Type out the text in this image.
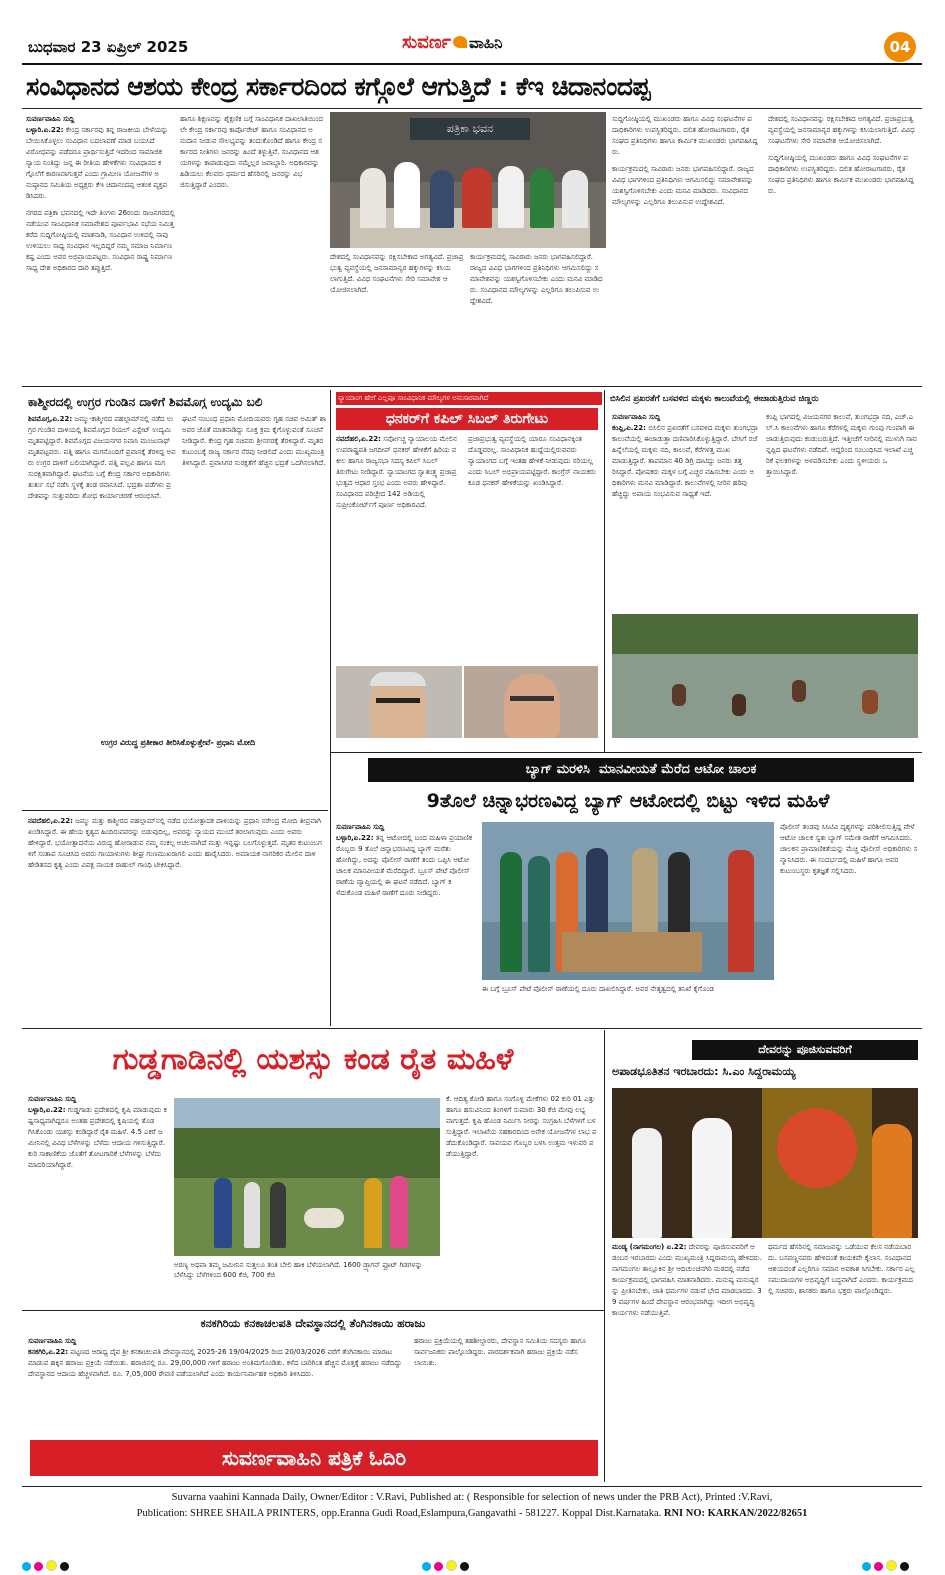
ಬುಧವಾರ 23 ಏಪ್ರಿಲ್ 2025	ಸುವರ್ಣ ವಾಹಿನಿ	04
ಸಂವಿಧಾನದ ಆಶಯ ಕೇಂದ್ರ ಸರ್ಕಾರದಿಂದ ಕಗ್ಗೊಲೆ ಆಗುತ್ತಿದೆ : ಕೆಇ ಚಿದಾನಂದಪ್ಪ
ಸುವರ್ಣವಾಹಿನಿ ಸುದ್ದಿ
ಬಳ್ಳಾರಿ.ಏ.22: ಕೇಂದ್ರ ಸರ್ಕಾರವು ತನ್ನ ರಾಜಕೀಯ ಬೇಳೆಯನ್ನು ಬೇಯಿಸಿಕೊಳ್ಳಲು ಸಂವಿಧಾನ ಬದಲಾವಣೆ ಮಾಡ ಬಯಸಿದೆ ವಿರೋಧವನ್ನು ಪಡೆದರೂ ಪ್ರಾರ್ಥಿಸುತ್ತಿದೆ ಇದರಿಂದ ಸಾಮಾಜಿಕ ನ್ಯಾಯ ನಿಂತಿದ್ದು ಜನ್ನ ಈ ರೀತಿಯ ಹೇಳಿಕೆಗಳು ಸಂವಿಧಾನದ ಕಗ್ಗೊಲೆಗೆ ಕಾರಣವಾಗುತ್ತವೆ ಎಂದು ಗ್ರಾಮೀಣ ಯೋಜನೆಗಳ ಅನುಷ್ಠಾನದ ಸಮಿತಿಯ ಅಧ್ಯಕ್ಷರು ಕೆಇ ಚಿದಾನಂದಪ್ಪ ಆತಂಕ ವ್ಯಕ್ತಪಡಿಸಿದರು.
ನಗರದ ಪತ್ರಿಕಾ ಭವನದಲ್ಲಿ ಇದೇ ತಿಂಗಳು 26ರಂದು ರಾಜನಗರದಲ್ಲಿ ನಡೆಯುವ ಸಾಂವಿಧಾನಿಕ ಸಮಾವೇಶದ ಪೂರ್ವಭಾವಿ ಸಭೆಯ ನಿಮಿತ್ತ ಕರೆದ ಸುದ್ದಿಗೋಷ್ಠಿಯಲ್ಲಿ ಮಾತನಾಡಿ, ಸಂವಿಧಾನ ಉಳಿದಲ್ಲಿ ನಾವು ಉಳಿಯಲು ಸಾಧ್ಯ ಸಂವಿಧಾನ ಇಲ್ಲದಿದ್ದರೆ ನಮ್ಮ ಸಮಾಜ ನಿರ್ಮಾಣ ಕಷ್ಟ ಎಂದು ಅವರ ಅಭಿಪ್ರಾಯಪಟ್ಟರು. ಸಂವಿಧಾನ ರಾಷ್ಟ್ರ ನಿರ್ಮಾಣ ಸಾಧ್ಯ ದೇಶ ಅಧಿಕಾರದ ದಾರಿ ತಪ್ಪುತ್ತಿದೆ.
ಹಾಗೂ ಶಿಕ್ಷಣವನ್ನು ಶೈಕ್ಷಣಿಕ ಬಗ್ಗೆ ಸಾಂವಿಧಾನಿಕ ದಾಖಲಾತಿಯಿಂದಲೇ ಕೇಂದ್ರ ಸರ್ಕಾರವು ಕಾರ್ಪೊರೇಟ್ ಹಾಗೂ ಸಂವಿಧಾನದ ಅನುದಾನ ನೀಡುವ ಸೌಲಭ್ಯವನ್ನು ತಂದುಕೊಂಡಿದೆ ಹಾಗೂ ಕೇಂದ್ರ ಸರ್ಕಾರದ ನೀತಿಗಳು ಜನರನ್ನು ಹಿಂದೆ ತಳ್ಳುತ್ತಿವೆ. ಸಂವಿಧಾನದ ಆಶಯಗಳನ್ನು ಕಾಪಾಡುವುದು ನಮ್ಮೆಲ್ಲರ ಜವಾಬ್ದಾರಿ. ಅಧಿಕಾರವನ್ನು ಹಿಡಿಯಲು ಕೆಲವರು ಧರ್ಮದ ಹೆಸರಿನಲ್ಲಿ ಜನರನ್ನು ವಿಭಜಿಸುತ್ತಿದ್ದಾರೆ ಎಂದರು.
ಪತ್ರಿಕಾ ಭವನ
ದೇಶದಲ್ಲಿ ಸಂವಿಧಾನವನ್ನು ರಕ್ಷಿಸಬೇಕಾದ ಅಗತ್ಯವಿದೆ. ಪ್ರಜಾಪ್ರಭುತ್ವ ವ್ಯವಸ್ಥೆಯಲ್ಲಿ ಜನಸಾಮಾನ್ಯರ ಹಕ್ಕುಗಳನ್ನು ಕಸಿಯಲಾಗುತ್ತಿದೆ. ವಿವಿಧ ಸಂಘಟನೆಗಳು ಸೇರಿ ಸಮಾವೇಶ ಆಯೋಜಿಸಲಾಗಿದೆ.
ಕಾರ್ಯಕ್ರಮದಲ್ಲಿ ಸಾವಿರಾರು ಜನರು ಭಾಗವಹಿಸಲಿದ್ದಾರೆ. ರಾಜ್ಯದ ವಿವಿಧ ಭಾಗಗಳಿಂದ ಪ್ರತಿನಿಧಿಗಳು ಆಗಮಿಸಲಿದ್ದು ಸಮಾವೇಶವನ್ನು ಯಶಸ್ವಿಗೊಳಿಸಬೇಕು ಎಂದು ಮನವಿ ಮಾಡಿದರು. ಸಂವಿಧಾನದ ಮೌಲ್ಯಗಳನ್ನು ಎಲ್ಲರಿಗೂ ತಲುಪಿಸುವ ಉದ್ದೇಶವಿದೆ.
ಸುದ್ದಿಗೋಷ್ಠಿಯಲ್ಲಿ ಮುಖಂಡರು ಹಾಗೂ ವಿವಿಧ ಸಂಘಟನೆಗಳ ಪದಾಧಿಕಾರಿಗಳು ಉಪಸ್ಥಿತರಿದ್ದರು. ದಲಿತ ಹೋರಾಟಗಾರರು, ರೈತ ಸಂಘದ ಪ್ರತಿನಿಧಿಗಳು ಹಾಗೂ ಕಾರ್ಮಿಕ ಮುಖಂಡರು ಭಾಗವಹಿಸಿದ್ದರು.
ಕಾರ್ಯಕ್ರಮದಲ್ಲಿ ಸಾವಿರಾರು ಜನರು ಭಾಗವಹಿಸಲಿದ್ದಾರೆ. ರಾಜ್ಯದ ವಿವಿಧ ಭಾಗಗಳಿಂದ ಪ್ರತಿನಿಧಿಗಳು ಆಗಮಿಸಲಿದ್ದು ಸಮಾವೇಶವನ್ನು ಯಶಸ್ವಿಗೊಳಿಸಬೇಕು ಎಂದು ಮನವಿ ಮಾಡಿದರು. ಸಂವಿಧಾನದ ಮೌಲ್ಯಗಳನ್ನು ಎಲ್ಲರಿಗೂ ತಲುಪಿಸುವ ಉದ್ದೇಶವಿದೆ.
ದೇಶದಲ್ಲಿ ಸಂವಿಧಾನವನ್ನು ರಕ್ಷಿಸಬೇಕಾದ ಅಗತ್ಯವಿದೆ. ಪ್ರಜಾಪ್ರಭುತ್ವ ವ್ಯವಸ್ಥೆಯಲ್ಲಿ ಜನಸಾಮಾನ್ಯರ ಹಕ್ಕುಗಳನ್ನು ಕಸಿಯಲಾಗುತ್ತಿದೆ. ವಿವಿಧ ಸಂಘಟನೆಗಳು ಸೇರಿ ಸಮಾವೇಶ ಆಯೋಜಿಸಲಾಗಿದೆ.
ಸುದ್ದಿಗೋಷ್ಠಿಯಲ್ಲಿ ಮುಖಂಡರು ಹಾಗೂ ವಿವಿಧ ಸಂಘಟನೆಗಳ ಪದಾಧಿಕಾರಿಗಳು ಉಪಸ್ಥಿತರಿದ್ದರು. ದಲಿತ ಹೋರಾಟಗಾರರು, ರೈತ ಸಂಘದ ಪ್ರತಿನಿಧಿಗಳು ಹಾಗೂ ಕಾರ್ಮಿಕ ಮುಖಂಡರು ಭಾಗವಹಿಸಿದ್ದರು.
ಕಾಶ್ಮೀರದಲ್ಲಿ ಉಗ್ರರ ಗುಂಡಿನ ದಾಳಿಗೆ ಶಿವಮೊಗ್ಗ ಉದ್ಯಮಿ ಬಲಿ
ಶಿವಮೊಗ್ಗ,ಏ.22: ಜಮ್ಮು-ಕಾಶ್ಮೀರದ ಪಹಲ್ಗಾಮ್‌ನಲ್ಲಿ ನಡೆದ ಉಗ್ರರ ಗುಂಡಿನ ದಾಳಿಯಲ್ಲಿ ಶಿವಮೊಗ್ಗದ ರಿಯಲ್ ಎಸ್ಟೇಟ್ ಉದ್ಯಮಿ ಮೃತಪಟ್ಟಿದ್ದಾರೆ. ಶಿವಮೊಗ್ಗದ ವಿಜಯನಗರ ನಿವಾಸಿ ಮಂಜುನಾಥ್ ಮೃತಪಟ್ಟವರು. ಪತ್ನಿ ಹಾಗೂ ಮಗನೊಂದಿಗೆ ಪ್ರವಾಸಕ್ಕೆ ತೆರಳಿದ್ದ ಅವರು ಉಗ್ರರ ದಾಳಿಗೆ ಬಲಿಯಾಗಿದ್ದಾರೆ. ಪತ್ನಿ ಪಲ್ಲವಿ ಹಾಗೂ ಮಗ ಸುರಕ್ಷಿತವಾಗಿದ್ದಾರೆ. ಘಟನೆಯ ಬಗ್ಗೆ ಕೇಂದ್ರ ಸರ್ಕಾರ ಅಧಿಕಾರಿಗಳು ತುರ್ತು ಸಭೆ ನಡೆಸಿ ಸ್ಥಳಕ್ಕೆ ತಂಡ ರವಾನಿಸಿದೆ. ಭದ್ರತಾ ಪಡೆಗಳು ಪ್ರದೇಶವನ್ನು ಸುತ್ತುವರಿದು ಶೋಧ ಕಾರ್ಯಾಚರಣೆ ಆರಂಭಿಸಿವೆ.
ಘಟನೆ ಸಂಬಂಧ ಪ್ರಧಾನಿ ಮೋದಿಯವರು ಗೃಹ ಸಚಿವ ಅಮಿತ್ ಶಾ ಅವರ ಜೊತೆ ಮಾತನಾಡಿದ್ದು ಸೂಕ್ತ ಕ್ರಮ ಕೈಗೊಳ್ಳುವಂತೆ ಸೂಚನೆ ನೀಡಿದ್ದಾರೆ. ಕೇಂದ್ರ ಗೃಹ ಸಚಿವರು ಶ್ರೀನಗರಕ್ಕೆ ತೆರಳಿದ್ದಾರೆ. ಮೃತರ ಕುಟುಂಬಕ್ಕೆ ರಾಜ್ಯ ಸರ್ಕಾರ ನೆರವು ನೀಡಲಿದೆ ಎಂದು ಮುಖ್ಯಮಂತ್ರಿ ತಿಳಿಸಿದ್ದಾರೆ. ಪ್ರವಾಸಿಗರ ಸುರಕ್ಷತೆಗೆ ಹೆಚ್ಚಿನ ಭದ್ರತೆ ಒದಗಿಸಲಾಗಿದೆ.
ಉಗ್ರರ ವಿರುದ್ಧ ಪ್ರತೀಕಾರ ತೀರಿಸಿಕೊಳ್ಳುತ್ತೇವೆ- ಪ್ರಧಾನಿ ಮೋದಿ
ನವದೆಹಲಿ,ಏ.22: ಜಮ್ಮು ಮತ್ತು ಕಾಶ್ಮೀರದ ಪಹಲ್ಗಾಮ್‌ನಲ್ಲಿ ನಡೆದ ಭಯೋತ್ಪಾದಕ ದಾಳಿಯನ್ನು ಪ್ರಧಾನಿ ನರೇಂದ್ರ ಮೋದಿ ತೀವ್ರವಾಗಿ ಖಂಡಿಸಿದ್ದಾರೆ. ಈ ಹೇಯ ಕೃತ್ಯದ ಹಿಂದಿರುವವರನ್ನು ಬಿಡುವುದಿಲ್ಲ, ಅವರನ್ನು ನ್ಯಾಯದ ಮುಂದೆ ತರಲಾಗುವುದು ಎಂದು ಅವರು ಹೇಳಿದ್ದಾರೆ. ಭಯೋತ್ಪಾದನೆಯ ವಿರುದ್ಧ ಹೋರಾಡುವ ನಮ್ಮ ಸಂಕಲ್ಪ ಅಚಲವಾಗಿದೆ ಮತ್ತು ಇನ್ನಷ್ಟು ಬಲಗೊಳ್ಳುತ್ತದೆ. ಮೃತರ ಕುಟುಂಬಗಳಿಗೆ ಸಂತಾಪ ಸೂಚಿಸಿದ ಅವರು ಗಾಯಾಳುಗಳು ಶೀಘ್ರ ಗುಣಮುಖರಾಗಲಿ ಎಂದು ಹಾರೈಸಿದರು. ಅಮಾಯಕ ನಾಗರಿಕರ ಮೇಲಿನ ದಾಳಿ ಹೇಡಿತನದ ಕೃತ್ಯ ಎಂದು ವಿಪಕ್ಷ ನಾಯಕ ರಾಹುಲ್ ಗಾಂಧಿ ಟೀಕಿಸಿದ್ದಾರೆ.
ನ್ಯಾಯಾಂಗ ಹೇಗೆ ಎಲ್ಲವೂ ಸಾಂವಿಧಾನಿಕ ಮೌಲ್ಯಗಳ ಅನುಸಾರವಾಗಿದೆ
ಧನಕರ್‌ಗೆ ಕಪಿಲ್ ಸಿಬಲ್ ತಿರುಗೇಟು
ನವದೆಹಲಿ,ಏ.22: ಸರ್ವೋಚ್ಚ ನ್ಯಾಯಾಲಯ ಮೇಲಿನ ಉಪರಾಷ್ಟ್ರಪತಿ ಜಗದೀಪ್ ಧನಕರ್ ಹೇಳಿಕೆಗೆ ಹಿರಿಯ ವಕೀಲ ಹಾಗೂ ರಾಜ್ಯಸಭಾ ಸದಸ್ಯ ಕಪಿಲ್ ಸಿಬಲ್ ತಿರುಗೇಟು ನೀಡಿದ್ದಾರೆ. ನ್ಯಾಯಾಂಗದ ಸ್ವಾತಂತ್ರ್ಯ ಪ್ರಜಾಪ್ರಭುತ್ವದ ಆಧಾರ ಸ್ತಂಭ ಎಂದು ಅವರು ಹೇಳಿದ್ದಾರೆ. ಸಂವಿಧಾನದ ಪರಿಚ್ಛೇದ 142 ಅಡಿಯಲ್ಲಿ ಸುಪ್ರೀಂಕೋರ್ಟ್‌ಗೆ ಪೂರ್ಣ ಅಧಿಕಾರವಿದೆ.
ಪ್ರಜಾಪ್ರಭುತ್ವ ವ್ಯವಸ್ಥೆಯಲ್ಲಿ ಯಾರೂ ಸಂವಿಧಾನಕ್ಕಿಂತ ದೊಡ್ಡವರಲ್ಲ. ಸಾಂವಿಧಾನಿಕ ಹುದ್ದೆಯಲ್ಲಿರುವವರು ನ್ಯಾಯಾಂಗದ ಬಗ್ಗೆ ಇಂತಹ ಹೇಳಿಕೆ ನೀಡುವುದು ಸರಿಯಲ್ಲ ಎಂದು ಸಿಬಲ್ ಅಭಿಪ್ರಾಯಪಟ್ಟಿದ್ದಾರೆ. ಕಾಂಗ್ರೆಸ್ ನಾಯಕರು ಕೂಡ ಧನಕರ್ ಹೇಳಿಕೆಯನ್ನು ಖಂಡಿಸಿದ್ದಾರೆ.
ಬಿಸಿಲಿನ ಪ್ರಖರತೆಗೆ ಬಸವಳಿದ ಮಕ್ಕಳು ಕಾಲುವೆಯಲ್ಲಿ ಈಜಾಡುತ್ತಿರುವ ಚಿಣ್ಣರು
ಸುವರ್ಣವಾಹಿನಿ ಸುದ್ದಿ
ಕಂಪ್ಲಿ,ಏ.22: ಬಿಸಿಲಿನ ಪ್ರಖರತೆಗೆ ಬಸವಳಿದ ಮಕ್ಕಳು ತುಂಗಭದ್ರಾ ಕಾಲುವೆಯಲ್ಲಿ ಈಜಾಡುತ್ತಾ ದಣಿವಾರಿಸಿಕೊಳ್ಳುತ್ತಿದ್ದಾರೆ. ಬೇಸಿಗೆ ರಜೆ ಹಿನ್ನೆಲೆಯಲ್ಲಿ ಮಕ್ಕಳು ನದಿ, ಕಾಲುವೆ, ಕೆರೆಗಳತ್ತ ಮುಖ ಮಾಡುತ್ತಿದ್ದಾರೆ. ತಾಪಮಾನ 40 ಡಿಗ್ರಿ ದಾಟಿದ್ದು ಜನರು ತತ್ತರಿಸಿದ್ದಾರೆ. ಪೋಷಕರು ಮಕ್ಕಳ ಬಗ್ಗೆ ಎಚ್ಚರ ವಹಿಸಬೇಕು ಎಂದು ಅಧಿಕಾರಿಗಳು ಮನವಿ ಮಾಡಿದ್ದಾರೆ. ಕಾಲುವೆಗಳಲ್ಲಿ ನೀರಿನ ಹರಿವು ಹೆಚ್ಚಿದ್ದು ಅಪಾಯ ಸಂಭವಿಸುವ ಸಾಧ್ಯತೆ ಇದೆ.
ಕಂಪ್ಲಿ ಭಾಗದಲ್ಲಿ ವಿಜಯನಗರ ಕಾಲುವೆ, ತುಂಗಭದ್ರಾ ನದಿ, ಎಚ್.ಎಲ್.ಸಿ ಕಾಲುವೆಗಳು ಹಾಗೂ ಕೆರೆಗಳಲ್ಲಿ ಮಕ್ಕಳು ಗುಂಪು ಗುಂಪಾಗಿ ಈಜಾಡುತ್ತಿರುವುದು ಕಂಡುಬರುತ್ತಿದೆ. ಇತ್ತೀಚೆಗೆ ನೀರಿನಲ್ಲಿ ಮುಳುಗಿ ಸಾವನ್ನಪ್ಪಿದ ಘಟನೆಗಳು ನಡೆದಿವೆ. ಆದ್ದರಿಂದ ಸಂಬಂಧಿಸಿದ ಇಲಾಖೆ ಎಚ್ಚರಿಕೆ ಫಲಕಗಳನ್ನು ಅಳವಡಿಸಬೇಕು ಎಂದು ಸ್ಥಳೀಯರು ಒತ್ತಾಯಿಸಿದ್ದಾರೆ.
ಬ್ಯಾಗ್ ಮರಳಿಸಿ  ಮಾನವೀಯತೆ ಮೆರೆದ ಆಟೋ ಚಾಲಕ
9ತೊಲೆ ಚಿನ್ನಾಭರಣವಿದ್ದ ಬ್ಯಾಗ್ ಆಟೋದಲ್ಲಿ ಬಿಟ್ಟು ಇಳಿದ ಮಹಿಳೆ
ಸುವರ್ಣವಾಹಿನಿ ಸುದ್ದಿ
ಬಳ್ಳಾರಿ,ಏ.22: ತನ್ನ ಆಟೋದಲ್ಲಿ ಬಂದ ಮಹಿಳಾ ಪ್ರಯಾಣಿಕರೊಬ್ಬರು 9 ತೊಲೆ ಚಿನ್ನಾಭರಣವಿದ್ದ ಬ್ಯಾಗ್ ಮರೆತು ಹೋಗಿದ್ದು, ಅದನ್ನು ಪೊಲೀಸ್ ಠಾಣೆಗೆ ತಂದು ಒಪ್ಪಿಸಿ ಆಟೋ ಚಾಲಕ ಮಾನವೀಯತೆ ಮೆರೆದಿದ್ದಾರೆ. ಬ್ರೂಸ್ ಪೇಟೆ ಪೊಲೀಸ್ ಠಾಣೆಯ ವ್ಯಾಪ್ತಿಯಲ್ಲಿ ಈ ಘಟನೆ ನಡೆದಿದೆ. ಬ್ಯಾಗ್ ಕಳೆದುಕೊಂಡ ಮಹಿಳೆ ಠಾಣೆಗೆ ದೂರು ನೀಡಿದ್ದರು.
ಈ ಬಗ್ಗೆ ಬ್ರೂಸ್ ಪೇಟೆ ಪೊಲೀಸ್ ಠಾಣೆಯಲ್ಲಿ ದೂರು ದಾಖಲಿಸಿದ್ದಾರೆ. ಅವರ ನೇತೃತ್ವದಲ್ಲಿ ತನಿಖೆ ಕೈಗೊಂಡ
ಪೊಲೀಸ್ ತಂಡವು ಸಿಸಿಟಿವಿ ದೃಶ್ಯಗಳನ್ನು ಪರಿಶೀಲಿಸುತ್ತಿದ್ದ ವೇಳೆ ಆಟೋ ಚಾಲಕ ಸ್ವತಃ ಬ್ಯಾಗ್ ಸಮೇತ ಠಾಣೆಗೆ ಆಗಮಿಸಿದರು. ಚಾಲಕನ ಪ್ರಾಮಾಣಿಕತೆಯನ್ನು ಮೆಚ್ಚಿ ಪೊಲೀಸ್ ಅಧಿಕಾರಿಗಳು ಸನ್ಮಾನಿಸಿದರು. ಈ ಸಂದರ್ಭದಲ್ಲಿ ಮಹಿಳೆ ಹಾಗೂ ಅವರ ಕುಟುಂಬಸ್ಥರು ಕೃತಜ್ಞತೆ ಸಲ್ಲಿಸಿದರು.
ಗುಡ್ಡಗಾಡಿನಲ್ಲಿ ಯಶಸ್ಸು ಕಂಡ ರೈತ ಮಹಿಳೆ
ಸುವರ್ಣವಾಹಿನಿ ಸುದ್ದಿ
ಬಳ್ಳಾರಿ,ಏ.22: ಗುಡ್ಡಗಾಡು ಪ್ರದೇಶದಲ್ಲಿ ಕೃಷಿ ಮಾಡುವುದು ಕಷ್ಟಸಾಧ್ಯವಾಗಿದ್ದರೂ ಅಂತಹ ಪ್ರದೇಶದಲ್ಲಿ ಕೃಷಿಯಲ್ಲಿ ತೊಡಗಿಸಿಕೊಂಡು ಯಶಸ್ಸು ಕಂಡಿದ್ದಾರೆ ರೈತ ಮಹಿಳೆ. 4.5 ಎಕರೆ ಜಮೀನಿನಲ್ಲಿ ವಿವಿಧ ಬೆಳೆಗಳನ್ನು ಬೆಳೆದು ಆದಾಯ ಗಳಿಸುತ್ತಿದ್ದಾರೆ. ಕುರಿ ಸಾಕಾಣಿಕೆಯ ಜೊತೆಗೆ ತೋಟಗಾರಿಕೆ ಬೆಳೆಗಳನ್ನು ಬೆಳೆದು ಮಾದರಿಯಾಗಿದ್ದಾರೆ.
ಅರಣ್ಯ ಅಥವಾ ತಮ್ಮ ಜಮೀನಿನ ಸುತ್ತಲೂ ತಂತಿ ಬೇಲಿ ಹಾಕಿ ಬೆಳೆಯಲಾಗಿದೆ. 1600 ಡ್ರ್ಯಾಗನ್ ಫ್ರೂಟ್ ಗಿಡಗಳನ್ನು ಬೆಳೆಸಿದ್ದು ಬೆಳೆಗಳಿಂದ 600 ಕೆಜಿ, 700 ಕೆಜಿ
ಕೆ. ಆದಿತ್ಯ ಕೋಡಿ ಹಾಗೂ ಸಂಗೊಳ್ಳಿ ಮೇಕೆಗಳು 02 ಕುರಿ 01 ಎತ್ತು ಹಾಗೂ ಹಸುವಿನಿಂದ ತಿಂಗಳಿಗೆ ಸುಮಾರು 30 ಕೆಜಿ ಮೇವು ಲಭ್ಯವಾಗುತ್ತದೆ. ಕೃಷಿ ಹೊಂಡ ನಿರ್ಮಿಸಿ ನೀರನ್ನು ಸಂಗ್ರಹಿಸಿ ಬೆಳೆಗಳಿಗೆ ಬಳಸುತ್ತಿದ್ದಾರೆ. ಇಲಾಖೆಯ ಸಹಕಾರದಿಂದ ಅನೇಕ ಯೋಜನೆಗಳ ಲಾಭ ಪಡೆದುಕೊಂಡಿದ್ದಾರೆ. ಸಾವಯವ ಗೊಬ್ಬರ ಬಳಸಿ ಉತ್ತಮ ಇಳುವರಿ ಪಡೆಯುತ್ತಿದ್ದಾರೆ.
ಕನಕಗಿರಿಯ ಕನಕಾಚಲಪತಿ ದೇವಸ್ಥಾನದಲ್ಲಿ ತೆಂಗಿನಕಾಯಿ ಹರಾಜು
ಸುವರ್ಣವಾಹಿನಿ ಸುದ್ದಿ
ಕನಕಗಿರಿ,ಏ.22: ಪಟ್ಟಣದ ಆರಾಧ್ಯ ದೈವ ಶ್ರೀ ಕನಕಾಚಲಪತಿ ದೇವಸ್ಥಾನದಲ್ಲಿ 2025-26 19/04/2025 ರಿಂದ 20/03/2026 ವರೆಗೆ ತೆಂಗಿನಕಾಯಿ ಮಾರಾಟ ಮಾಡುವ ಹಕ್ಕಿನ ಹರಾಜು ಪ್ರಕ್ರಿಯೆ ನಡೆಯಿತು. ಹರಾಜಿನಲ್ಲಿ ರೂ. 29,00,000 ಗಳಿಗೆ ಹರಾಜು ಅಂತಿಮಗೊಂಡಿತು. ಕಳೆದ ಬಾರಿಗಿಂತ ಹೆಚ್ಚಿನ ಮೊತ್ತಕ್ಕೆ ಹರಾಜು ನಡೆದಿದ್ದು ದೇವಸ್ಥಾನದ ಆದಾಯ ಹೆಚ್ಚಳವಾಗಿದೆ. ರೂ. 7,05,000 ಠೇವಣಿ ಪಡೆಯಲಾಗಿದೆ ಎಂದು ಕಾರ್ಯನಿರ್ವಾಹಕ ಅಧಿಕಾರಿ ತಿಳಿಸಿದರು.
ಹರಾಜು ಪ್ರಕ್ರಿಯೆಯಲ್ಲಿ ತಹಶೀಲ್ದಾರರು, ದೇವಸ್ಥಾನ ಸಮಿತಿಯ ಸದಸ್ಯರು ಹಾಗೂ ಸಾರ್ವಜನಿಕರು ಪಾಲ್ಗೊಂಡಿದ್ದರು. ಪಾರದರ್ಶಕವಾಗಿ ಹರಾಜು ಪ್ರಕ್ರಿಯೆ ನಡೆಸಲಾಯಿತು.
ಸುವರ್ಣವಾಹಿನಿ ಪತ್ರಿಕೆ ಓದಿರಿ
ದೇವರನ್ನು ಪೂಜಿಸುವವರಿಗೆ
ಅಪಾಡಭೂತಿತನ ಇರಬಾರದು: ಸಿ.ಎಂ ಸಿದ್ದರಾಮಯ್ಯ
ಮಂಡ್ಯ (ನಾಗಮಂಗಲ) ಏ.22: ದೇವರನ್ನು ಪೂಜಿಸುವವರಿಗೆ ಆಡಂಬರ ಇರಬಾರದು ಎಂದು ಮುಖ್ಯಮಂತ್ರಿ ಸಿದ್ದರಾಮಯ್ಯ ಹೇಳಿದರು. ನಾಗಮಂಗಲ ತಾಲ್ಲೂಕಿನ ಶ್ರೀ ಆದಿಚುಂಚನಗಿರಿ ಮಠದಲ್ಲಿ ನಡೆದ ಕಾರ್ಯಕ್ರಮದಲ್ಲಿ ಭಾಗವಹಿಸಿ ಮಾತನಾಡಿದರು. ಮನುಷ್ಯ ಮನುಷ್ಯರನ್ನು ಪ್ರೀತಿಸಬೇಕು, ಜಾತಿ ಧರ್ಮಗಳ ನಡುವೆ ಭೇದ ಮಾಡಬಾರದು. 39 ವರ್ಷಗಳ ಹಿಂದೆ ದೇವಸ್ಥಾನ ಆರಂಭವಾಗಿದ್ದು ಇದೀಗ ಅಭಿವೃದ್ಧಿ ಕಾರ್ಯಗಳು ನಡೆಯುತ್ತಿವೆ.
ಧರ್ಮದ ಹೆಸರಿನಲ್ಲಿ ಸಮಾಜವನ್ನು ಒಡೆಯುವ ಕೆಲಸ ನಡೆಯಬಾರದು. ಬಸವಣ್ಣನವರು ಹೇಳಿದಂತೆ ಕಾಯಕವೇ ಕೈಲಾಸ. ಸಂವಿಧಾನದ ಆಶಯದಂತೆ ಎಲ್ಲರಿಗೂ ಸಮಾನ ಅವಕಾಶ ಸಿಗಬೇಕು. ಸರ್ಕಾರ ಎಲ್ಲ ಸಮುದಾಯಗಳ ಅಭಿವೃದ್ಧಿಗೆ ಬದ್ಧವಾಗಿದೆ ಎಂದರು. ಕಾರ್ಯಕ್ರಮದಲ್ಲಿ ಸಚಿವರು, ಶಾಸಕರು ಹಾಗೂ ಭಕ್ತರು ಪಾಲ್ಗೊಂಡಿದ್ದರು.
Suvarna vaahini Kannada Daily, Owner/Editor : V.Ravi, Published at: ( Responsible for selection of news under the PRB Act), Printed :V.Ravi,
Publication: SHREE SHAILA PRINTERS, opp.Eranna Gudi Road,Eslampura,Gangavathi - 581227. Koppal Dist.Karnataka. RNI NO: KARKAN/2022/82651
